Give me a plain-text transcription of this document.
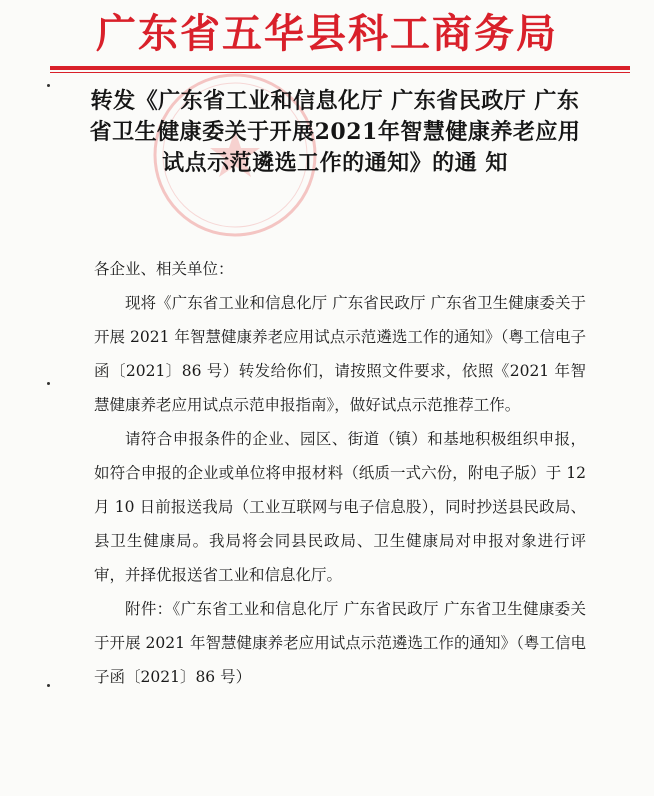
广东省五华县科工商务局
转发《广东省工业和信息化厅 广东省民政厅 广东省卫生健康委关于开展2021年智慧健康养老应用试点示范遴选工作的通知》的通 知

各企业、相关单位：

现将《广东省工业和信息化厅 广东省民政厅 广东省卫生健康委关于开展 2021 年智慧健康养老应用试点示范遴选工作的通知》（粤工信电子函〔2021〕86 号）转发给你们，请按照文件要求，依照《2021 年智慧健康养老应用试点示范申报指南》，做好试点示范推荐工作。

请符合申报条件的企业、园区、街道（镇）和基地积极组织申报，如符合申报的企业或单位将申报材料（纸质一式六份，附电子版）于 12 月 10 日前报送我局（工业互联网与电子信息股），同时抄送县民政局、县卫生健康局。我局将会同县民政局、卫生健康局对申报对象进行评审，并择优报送省工业和信息化厅。

附件：《广东省工业和信息化厅 广东省民政厅 广东省卫生健康委关于开展 2021 年智慧健康养老应用试点示范遴选工作的通知》（粤工信电子函〔2021〕86 号）
